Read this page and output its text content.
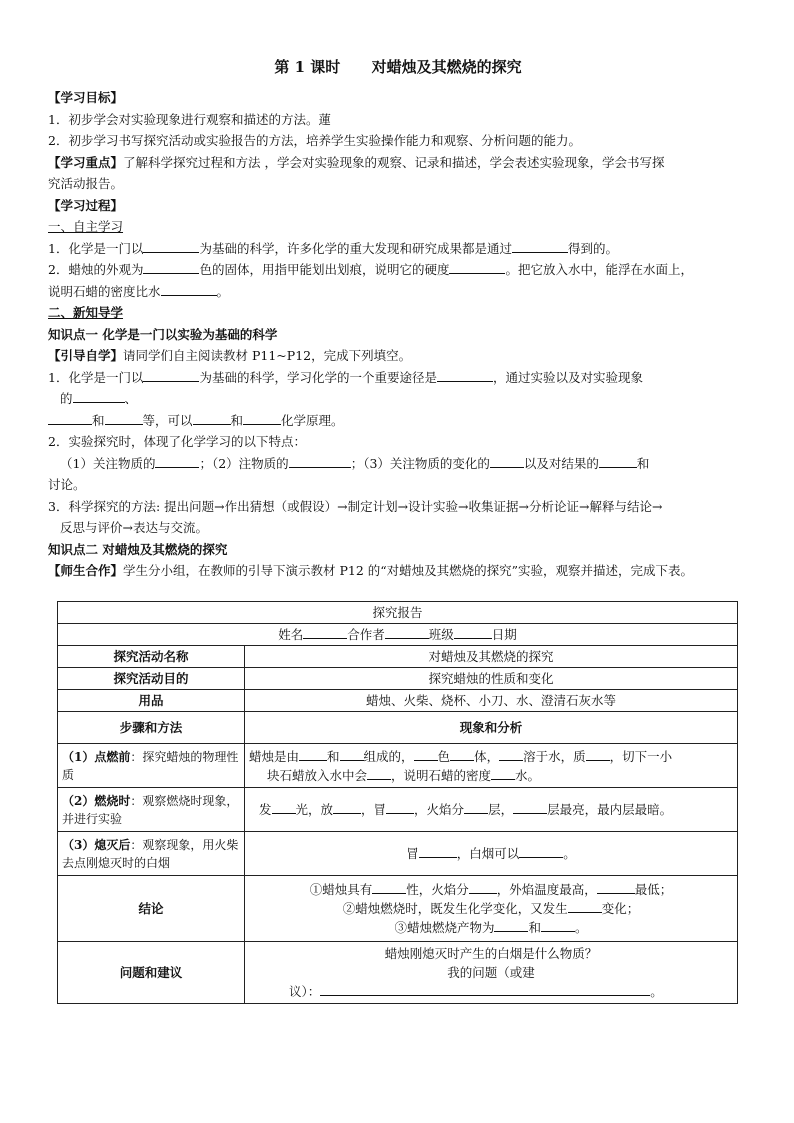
第 1 课时      对蜡烛及其燃烧的探究

【学习目标】

1．初步学会对实验现象进行观察和描述的方法。蓮

2．初步学习书写探究活动或实验报告的方法，培养学生实验操作能力和观察、分析问题的能力。

【学习重点】了解科学探究过程和方法 ，学会对实验现象的观察、记录和描述，学会表述实验现象，学会书写探

究活动报告。

【学习过程】

一、自主学习

1．化学是一门以	为基础的科学，许多化学的重大发现和研究成果都是通过	得到的。

2．蜡烛的外观为	色的固体，用指甲能划出划痕，说明它的硬度	。把它放入水中，能浮在水面上，

说明石蜡的密度比水	。

二、新知导学

知识点一 化学是一门以实验为基础的科学

【引导自学】请同学们自主阅读教材 P11~P12，完成下列填空。

1．化学是一门以	为基础的科学，学习化学的一个重要途径是	，通过实验以及对实验现象

的	、

和	等，可以	和	化学原理。

2．实验探究时，体现了化学学习的以下特点：

（1）关注物质的	；（2）注物质的	；（3）关注物质的变化的	以及对结果的	和

讨论。

3．科学探究的方法: 提出问题→作出猜想（或假设）→制定计划→设计实验→收集证据→分析论证→解释与结论→

反思与评价→表达与交流。

知识点二 对蜡烛及其燃烧的探究

【师生合作】学生分小组，在教师的引导下演示教材 P12 的“对蜡烛及其燃烧的探究”实验，观察并描述，完成下表。

探究报告	
姓名 合作者 班级 日期	
探究活动名称	对蜡烛及其燃烧的探究
探究活动目的	探究蜡烛的性质和变化
用品	蜡烛、火柴、烧杯、小刀、水、澄清石灰水等
步骤和方法	现象和分析
（1）点燃前：探究蜡烛的物理性质	蜡烛是由 和 组成的， 色 体， 溶于水，质 ，切下一小
块石蜡放入水中会 ，说明石蜡的密度 水。
（2）燃烧时：观察燃烧时现象，并进行实验	发 光，放 ，冒 ，火焰分 层， 层最亮，最内层最暗。
（3）熄灭后：观察现象，用火柴去点刚熄灭时的白烟	冒 ，白烟可以 。
结论	①蜡烛具有 性，火焰分 ，外焰温度最高， 最低；
②蜡烛燃烧时，既发生化学变化，又发生 变化；
③蜡烛燃烧产物为 和 。
问题和建议	蜡烛刚熄灭时产生的白烟是什么物质？
我的问题（或建
议）： 。
